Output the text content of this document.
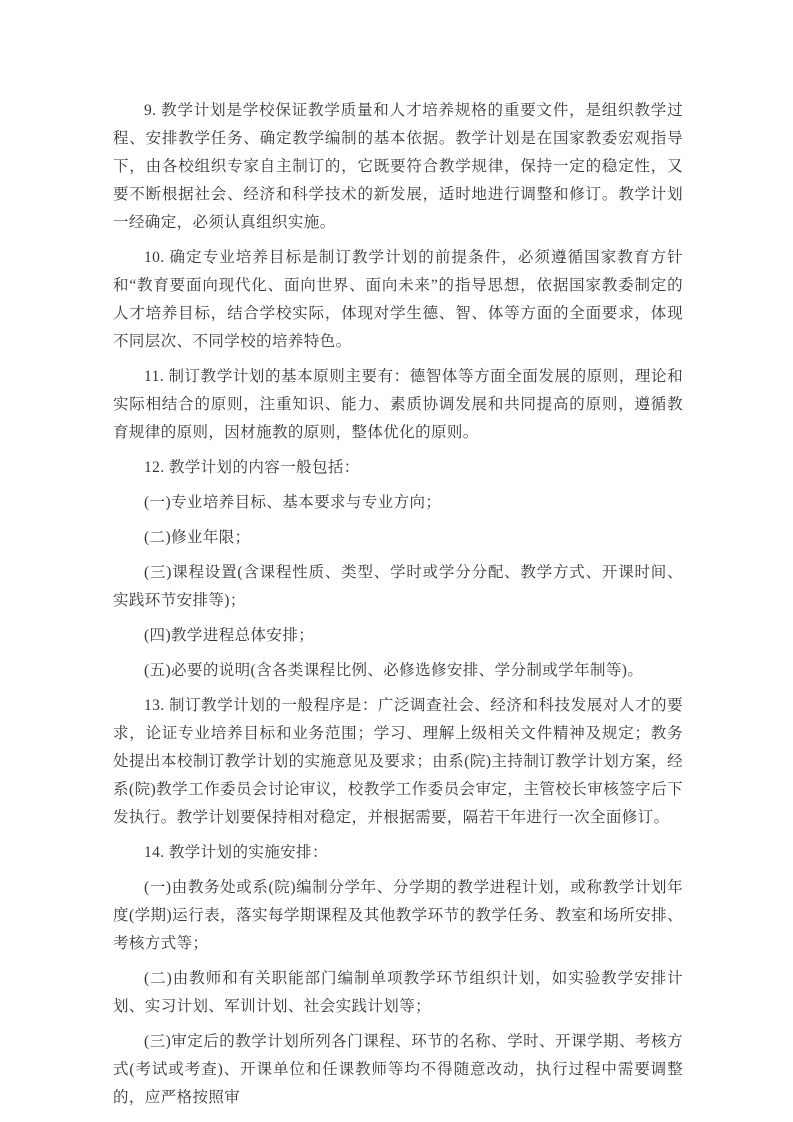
9. 教学计划是学校保证教学质量和人才培养规格的重要文件，是组织教学过程、安排教学任务、确定教学编制的基本依据。教学计划是在国家教委宏观指导下，由各校组织专家自主制订的，它既要符合教学规律，保持一定的稳定性，又要不断根据社会、经济和科学技术的新发展，适时地进行调整和修订。教学计划一经确定，必须认真组织实施。

10. 确定专业培养目标是制订教学计划的前提条件，必须遵循国家教育方针和“教育要面向现代化、面向世界、面向未来”的指导思想，依据国家教委制定的人才培养目标，结合学校实际，体现对学生德、智、体等方面的全面要求，体现不同层次、不同学校的培养特色。

11. 制订教学计划的基本原则主要有：德智体等方面全面发展的原则，理论和实际相结合的原则，注重知识、能力、素质协调发展和共同提高的原则，遵循教育规律的原则，因材施教的原则，整体优化的原则。

12. 教学计划的内容一般包括：

(一)专业培养目标、基本要求与专业方向；

(二)修业年限；

(三)课程设置(含课程性质、类型、学时或学分分配、教学方式、开课时间、实践环节安排等)；

(四)教学进程总体安排；

(五)必要的说明(含各类课程比例、必修选修安排、学分制或学年制等)。

13. 制订教学计划的一般程序是：广泛调查社会、经济和科技发展对人才的要求，论证专业培养目标和业务范围；学习、理解上级相关文件精神及规定；教务处提出本校制订教学计划的实施意见及要求；由系(院)主持制订教学计划方案，经系(院)教学工作委员会讨论审议，校教学工作委员会审定，主管校长审核签字后下发执行。教学计划要保持相对稳定，并根据需要，隔若干年进行一次全面修订。

14. 教学计划的实施安排：

(一)由教务处或系(院)编制分学年、分学期的教学进程计划，或称教学计划年度(学期)运行表，落实每学期课程及其他教学环节的教学任务、教室和场所安排、考核方式等；

(二)由教师和有关职能部门编制单项教学环节组织计划，如实验教学安排计划、实习计划、军训计划、社会实践计划等；

(三)审定后的教学计划所列各门课程、环节的名称、学时、开课学期、考核方式(考试或考查)、开课单位和任课教师等均不得随意改动，执行过程中需要调整的，应严格按照审
